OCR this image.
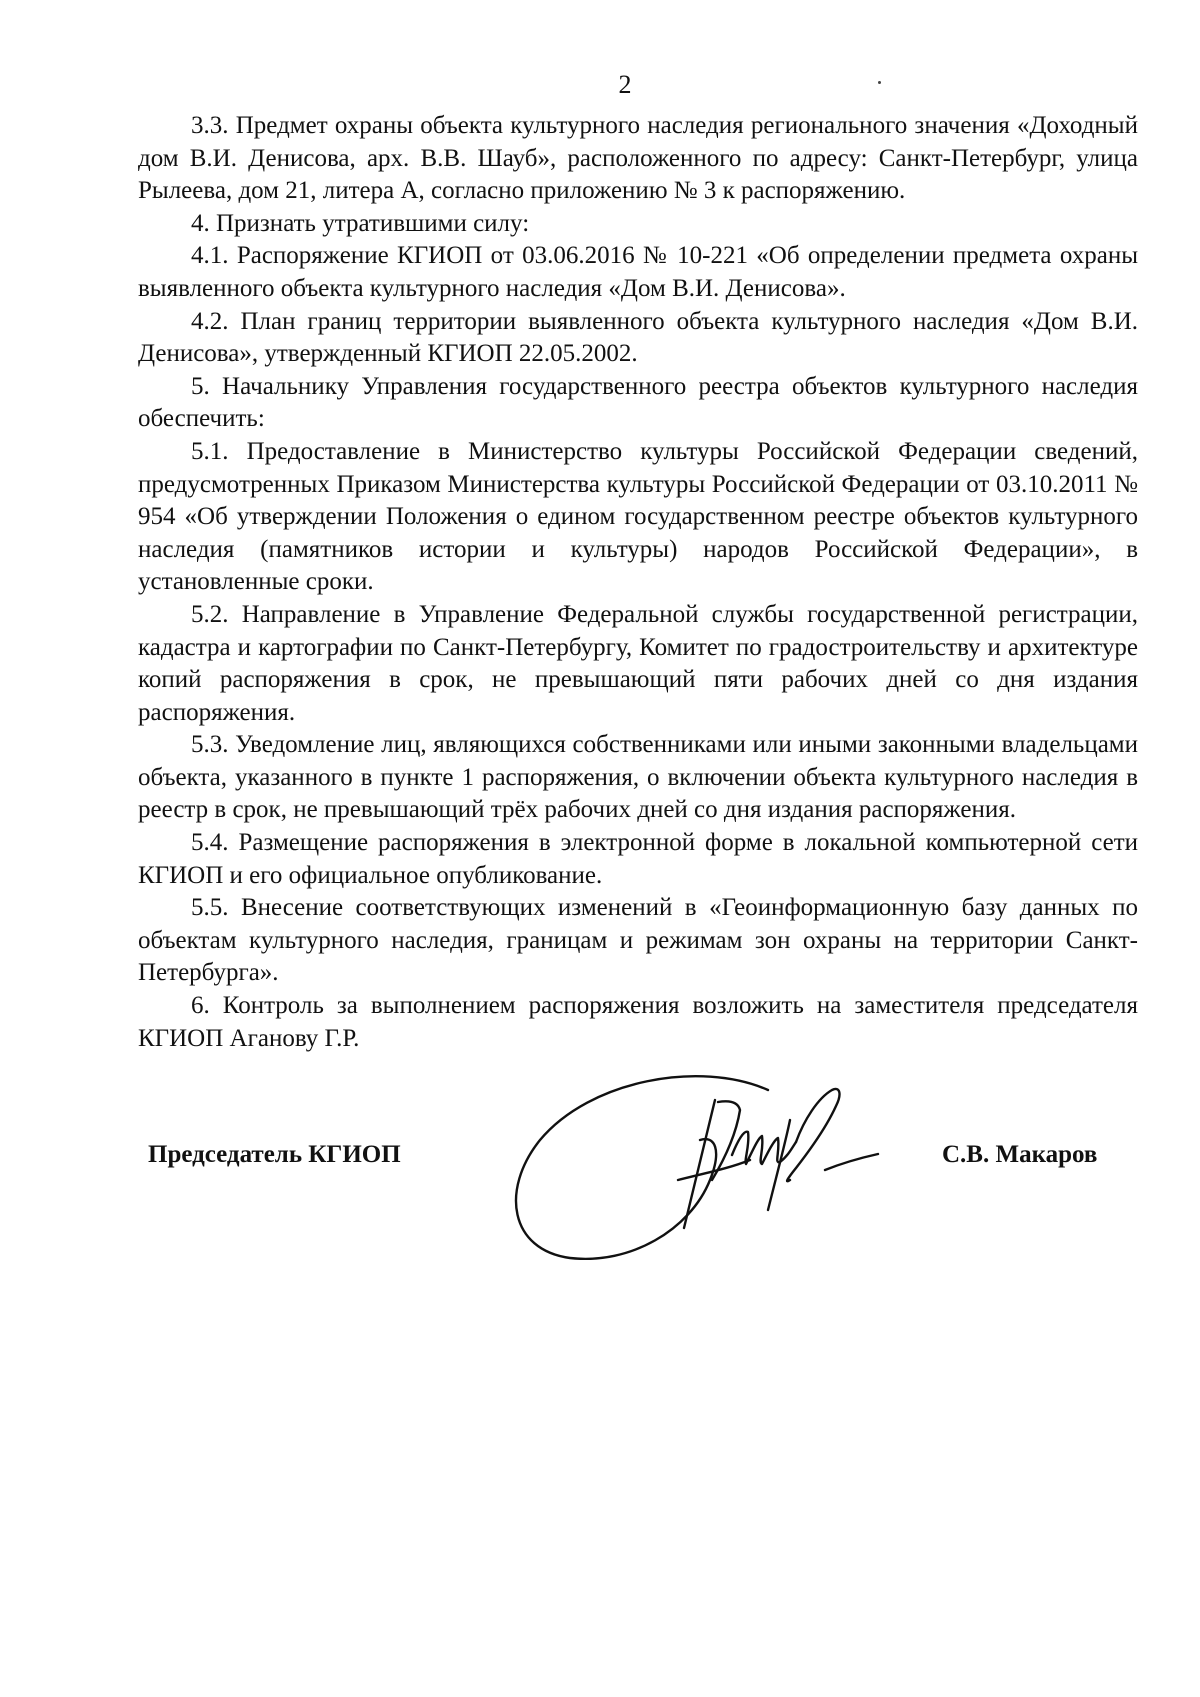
2

3.3. Предмет охраны объекта культурного наследия регионального значения «Доходный дом В.И. Денисова, арх. В.В. Шауб», расположенного по адресу: Санкт-Петербург, улица Рылеева, дом 21, литера А, согласно приложению № 3 к распоряжению.

4. Признать утратившими силу:

4.1. Распоряжение КГИОП от 03.06.2016 № 10-221 «Об определении предмета охраны выявленного объекта культурного наследия «Дом В.И. Денисова».

4.2. План границ территории выявленного объекта культурного наследия «Дом В.И. Денисова», утвержденный КГИОП 22.05.2002.

5. Начальнику Управления государственного реестра объектов культурного наследия обеспечить:

5.1. Предоставление в Министерство культуры Российской Федерации сведений, предусмотренных Приказом Министерства культуры Российской Федерации от 03.10.2011 № 954 «Об утверждении Положения о едином государственном реестре объектов культурного наследия (памятников истории и культуры) народов Российской Федерации», в установленные сроки.

5.2. Направление в Управление Федеральной службы государственной регистрации, кадастра и картографии по Санкт-Петербургу, Комитет по градостроительству и архитектуре копий распоряжения в срок, не превышающий пяти рабочих дней со дня издания распоряжения.

5.3. Уведомление лиц, являющихся собственниками или иными законными владельцами объекта, указанного в пункте 1 распоряжения, о включении объекта культурного наследия в реестр в срок, не превышающий трёх рабочих дней со дня издания распоряжения.

5.4. Размещение распоряжения в электронной форме в локальной компьютерной сети КГИОП и его официальное опубликование.

5.5. Внесение соответствующих изменений в «Геоинформационную базу данных по объектам культурного наследия, границам и режимам зон охраны на территории Санкт-Петербурга».

6. Контроль за выполнением распоряжения возложить на заместителя председателя КГИОП Аганову Г.Р.

Председатель КГИОП	С.В. Макаров
